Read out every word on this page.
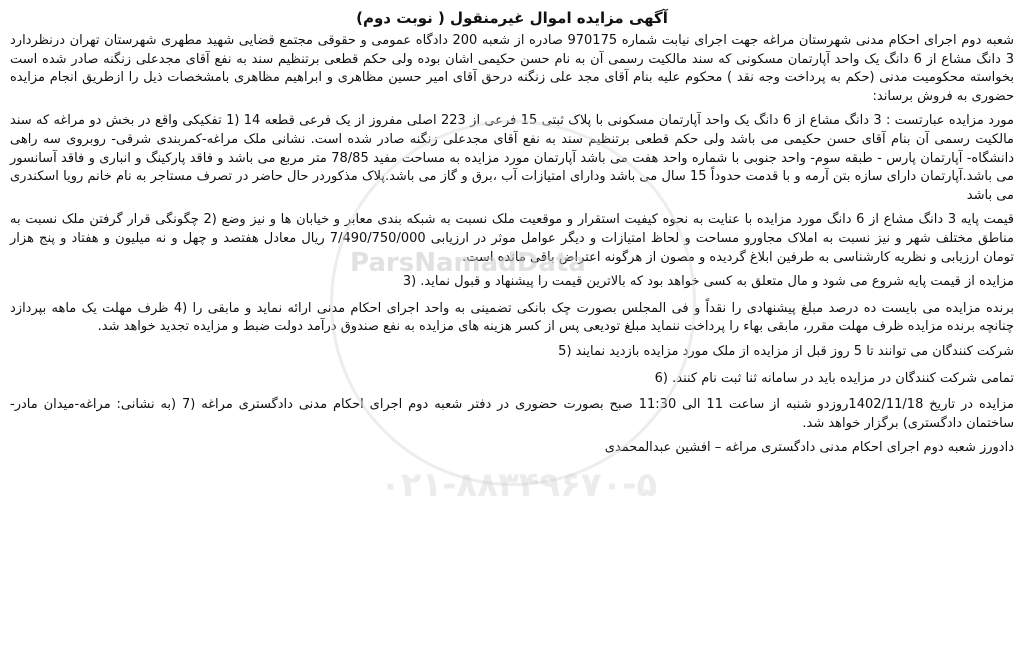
ParsNamadData
۰۲۱-۸۸۳۴۹۶۷۰-۵
آگهی مزایده اموال غیرمنقول ( نوبت دوم)

شعبه دوم اجرای احکام مدنی شهرستان مراغه جهت اجرای نیابت شماره 970175 صادره از شعبه 200 دادگاه عمومی و حقوقی مجتمع قضایی شهید مطهری شهرستان تهران درنظردارد 3 دانگ مشاع از 6 دانگ یک واحد آپارتمان مسکونی که سند مالکیت رسمی آن به نام حسن حکیمی اشان بوده ولی حکم قطعی برتنظیم سند به نفع آقای مجدعلی زنگنه صادر شده است بخواسته محکومیت مدنی (حکم به پرداخت وجه نقد ) محکوم علیه بنام آقای مجد علی زنگنه درحق آقای امیر حسین مظاهری و ابراهیم مظاهری بامشخصات ذیل را ازطریق انجام مزایده حضوری به فروش برساند:

مورد مزایده عبارتست : 3 دانگ مشاع از 6 دانگ یک واحد آپارتمان مسکونی با پلاک ثبتی 15 فرعی از 223 اصلی مفروز از یک فرعی قطعه 14 (1 تفکیکی واقع در بخش دو مراغه که سند مالکیت رسمی آن بنام آقای حسن حکیمی می باشد ولی حکم قطعی برتنظیم سند به نفع آقای مجدعلی زنگنه صادر شده است. نشانی ملک مراغه-کمربندی شرقی- روبروی سه راهی دانشگاه- آپارتمان پارس - طبقه سوم- واحد جنوبی با شماره واحد هفت می باشد آپارتمان مورد مزایده به مساحت مفید 78/85 متر مربع می باشد و فاقد پارکینگ و انباری و فاقد آسانسور می باشد.آپارتمان دارای سازه بتن آرمه و با قدمت حدوداً 15 سال می باشد ودارای امتیازات آب ،برق و گاز می باشد.پلاک مذکوردر حال حاضر در تصرف مستاجر به نام خانم رویا اسکندری می باشد

قیمت پایه 3 دانگ مشاع از 6 دانگ مورد مزایده با عنایت به نحوه کیفیت استقرار و موقعیت ملک نسبت به شبکه بندی معابر و خیابان ها و نیز وضع (2 چگونگی قرار گرفتن ملک نسبت به مناطق مختلف شهر و نیز نسبت به املاک مجاورو مساحت و لحاظ امتیازات و دیگر عوامل موثر در ارزیابی 7/490/750/000 ریال معادل هفتصد و چهل و نه میلیون و هفتاد و پنج هزار تومان ارزیابی و نظریه کارشناسی به طرفین ابلاغ گردیده و مصون از هرگونه اعتراض باقی مانده است.

مزایده از قیمت پایه شروع می شود و مال متعلق به کسی خواهد بود که بالاترین قیمت را پیشنهاد و قبول نماید. (3

برنده مزایده می بایست ده درصد مبلغ پیشنهادی را نقداً و فی المجلس بصورت چک بانکی تضمینی به واحد اجرای احکام مدنی ارائه نماید و مابقی را (4 ظرف مهلت یک ماهه بپردازد چنانچه برنده مزایده ظرف مهلت مقرر، مابقی بهاء را پرداخت ننماید مبلغ تودیعی پس از کسر هزینه های مزایده به نفع صندوق درآمد دولت ضبط و مزایده تجدید خواهد شد.

شرکت کنندگان می توانند تا 5 روز قبل از مزایده از ملک مورد مزایده بازدید نمایند (5

تمامی شرکت کنندگان در مزایده باید در سامانه ثنا ثبت نام کنند. (6

مزایده در تاریخ 1402/11/18روزدو شنبه از ساعت 11 الی 11:30 صبح بصورت حضوری در دفتر شعبه دوم اجرای احکام مدنی دادگستری مراغه (7 (به نشانی: مراغه-میدان مادر-ساختمان دادگستری) برگزار خواهد شد.

دادورز شعبه دوم اجرای احکام مدنی دادگستری مراغه – افشین عبدالمحمدی
